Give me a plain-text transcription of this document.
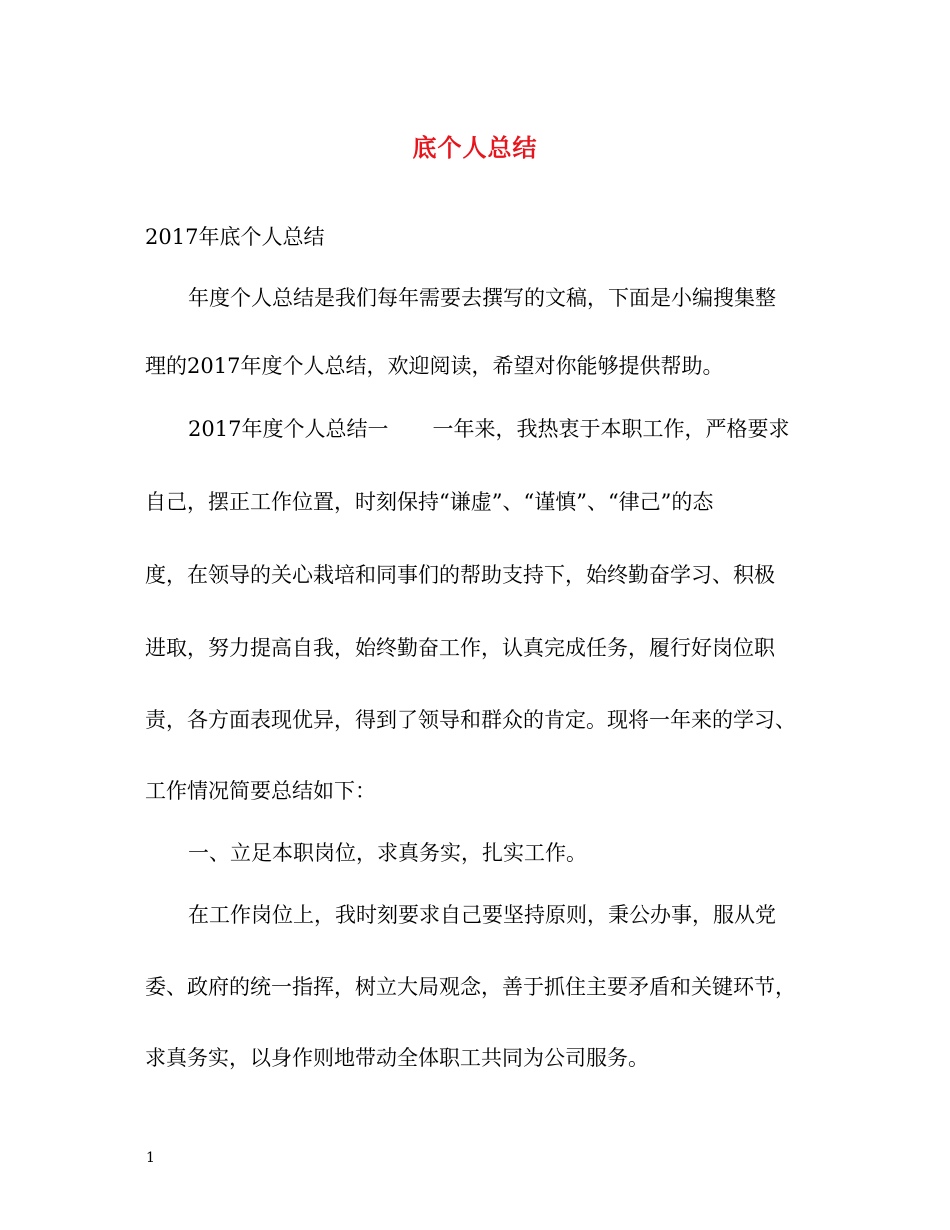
底个人总结
2017年底个人总结
年度个人总结是我们每年需要去撰写的文稿，下面是小编搜集整
理的2017年度个人总结，欢迎阅读，希望对你能够提供帮助。
2017年度个人总结一 一年来，我热衷于本职工作，严格要求
自己，摆正工作位置，时刻保持“谦虚”、“谨慎”、“律己”的态
度，在领导的关心栽培和同事们的帮助支持下，始终勤奋学习、积极
进取，努力提高自我，始终勤奋工作，认真完成任务，履行好岗位职
责，各方面表现优异，得到了领导和群众的肯定。现将一年来的学习、
工作情况简要总结如下：
一、立足本职岗位，求真务实，扎实工作。
在工作岗位上，我时刻要求自己要坚持原则，秉公办事，服从党
委、政府的统一指挥，树立大局观念，善于抓住主要矛盾和关键环节，
求真务实，以身作则地带动全体职工共同为公司服务。
1
